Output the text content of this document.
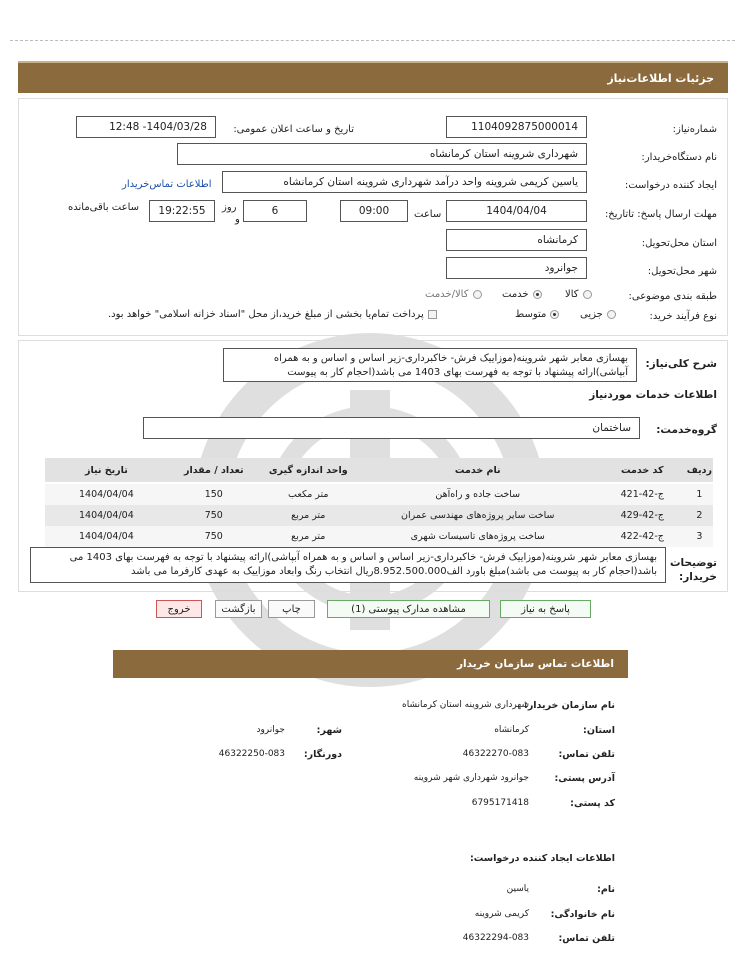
جزئیات اطلاعات‌نیاز
شماره‌نیاز:
1104092875000014
تاریخ و ساعت اعلان عمومی:
1404/03/28- 12:48
نام دستگاه‌خریدار:
شهرداری شروینه استان کرمانشاه
ایجاد کننده درخواست:
یاسین کریمی شروینه واحد درآمد شهرداری شروینه استان کرمانشاه
اطلاعات تماس‌خریدار
مهلت ارسال پاسخ: تاتاریخ:
1404/04/04
ساعت
09:00
6
روز
و
19:22:55
ساعت باقی‌مانده
استان محل‌تحویل:
کرمانشاه
شهر محل‌تحویل:
جوانرود
طبقه بندی موضوعی:
کالا
خدمت
کالا/خدمت
نوع فرآیند خرید:
جزیی
متوسط
پرداخت تمام‌یا بخشی از مبلغ خرید،از محل "اسناد خزانه اسلامی" خواهد بود.
شرح کلی‌نیاز:
بهسازی معابر شهر شروینه(موزاییک فرش- خاکبرداری-زیر اساس و اساس و به همراه آبپاشی)ارائه پیشنهاد با توجه به فهرست بهای 1403 می باشد(احجام کار به پیوست
اطلاعات خدمات موردنیاز
گروه‌خدمت:
ساختمان
ردیف	کد خدمت	نام خدمت	واحد اندازه گیری	تعداد / مقدار	تاریخ نیاز
1	ج-42-421	ساخت جاده و راه‌آهن	متر مکعب	150	1404/04/04
2	ج-42-429	ساخت سایر پروژه‌های مهندسی عمران	متر مربع	750	1404/04/04
3	ج-42-422	ساخت پروژه‌های تاسیسات شهری	متر مربع	750	1404/04/04
توضیحات خریدار:
بهسازی معابر شهر شروینه(موزاییک فرش- خاکبرداری-زیر اساس و اساس و به همراه آبپاشی)ارائه پیشنهاد با توجه به فهرست بهای 1403 می باشد(احجام کار به پیوست می باشد)مبلغ باورد الف8.952.500.000ریال انتخاب رنگ وابعاد موزاییک به عهدی کارفرما می باشد
پاسخ به نیاز
مشاهده مدارک پیوستی (1)
چاپ
بازگشت
خروج
اطلاعات تماس سازمان خریدار
نام سازمان خریدار:
شهرداری شروینه استان کرمانشاه
استان:
کرمانشاه
شهر:
جوانرود
تلفن تماس:
46322270-083
دورنگار:
46322250-083
آدرس پستی:
جوانرود شهرداری شهر شروینه
کد پستی:
6795171418
اطلاعات ایجاد کننده درخواست:
نام:
یاسین
نام خانوادگی:
کریمی شروینه
تلفن تماس:
46322294-083
